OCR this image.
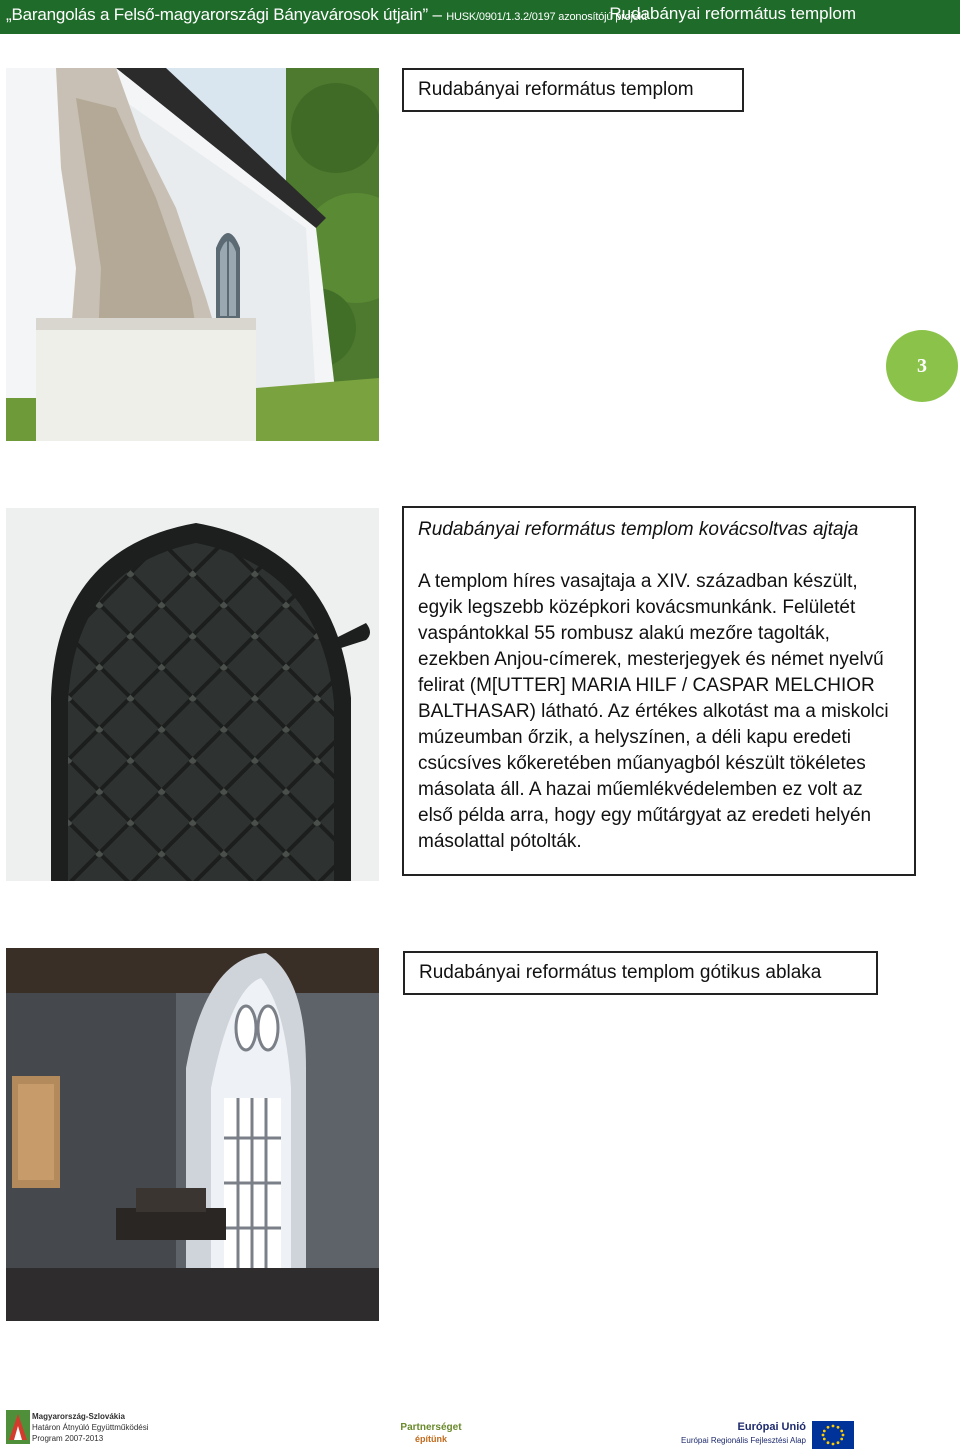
„Barangolás a Felső-magyarországi Bányavárosok útjain” – HUSK/0901/1.3.2/0197 azonosítójú projekt
Rudabányai református templom
Rudabányai református templom
3
Rudabányai református templom kovácsoltvas ajtaja
A templom híres vasajtaja a XIV. században készült, egyik legszebb középkori kovácsmunkánk. Felületét vaspántokkal 55 rombusz alakú mezőre tagolták, ezekben Anjou-címerek, mesterjegyek és német nyelvű felirat (M[UTTER] MARIA HILF / CASPAR MELCHIOR BALTHASAR) látható. Az értékes alkotást ma a miskolci múzeumban őrzik, a helyszínen, a déli kapu eredeti csúcsíves kőkeretében műanyagból készült tökéletes másolata áll. A hazai műemlékvédelemben ez volt az első példa arra, hogy egy műtárgyat az eredeti helyén másolattal pótolták.
Rudabányai református templom gótikus ablaka
Magyarország-Szlovákia
Határon Átnyúló Együttműködési
Program 2007-2013
Partnerséget
építünk
Európai Unió
Európai Regionális Fejlesztési Alap
